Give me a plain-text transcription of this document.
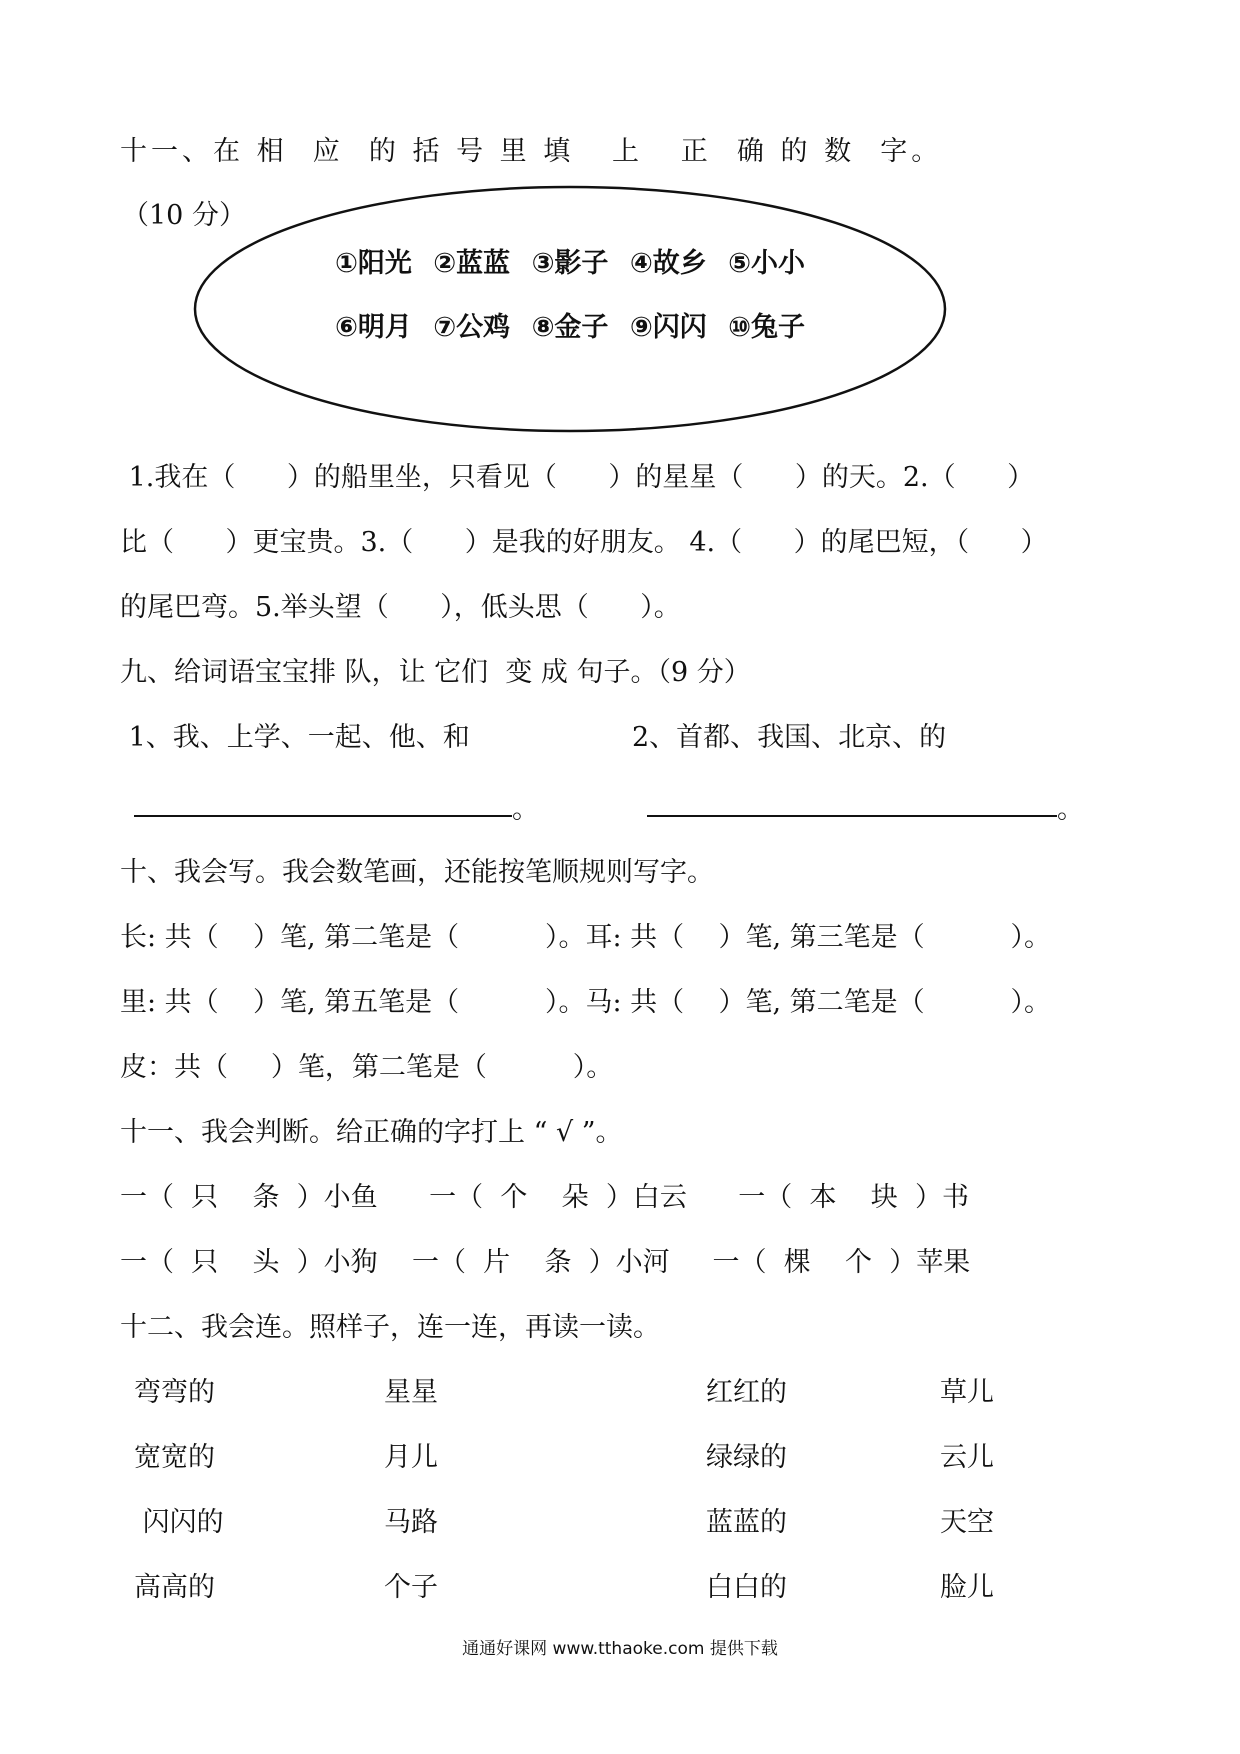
十一、在 相  应  的 括 号 里 填   上   正  确 的 数  字。
（10 分）
①阳光 ②蓝蓝 ③影子 ④故乡 ⑤小小
⑥明月 ⑦公鸡 ⑧金子 ⑨闪闪 ⑩兔子
1.我在（      ）的船里坐，只看见（      ）的星星（      ）的天。2.（      ）
比（      ）更宝贵。3.（      ）是我的好朋友。 4.（      ）的尾巴短，（      ）
的尾巴弯。5.举头望（      ），低头思（      ）。
九、给词语宝宝排 队，让 它们  变 成 句子。（9 分）
1、我、上学、一起、他、和	2、首都、我国、北京、的
。	。
十、我会写。我会数笔画，还能按笔顺规则写字。
长: 共（    ）笔, 第二笔是（          ）。耳: 共（    ）笔, 第三笔是（          ）。
里: 共（    ）笔, 第五笔是（          ）。马: 共（    ）笔, 第二笔是（          ）。
皮：共（     ）笔，第二笔是（          ）。
十一、我会判断。给正确的字打上 “ √ ”。
一（  只    条  ）小鱼      一（  个    朵  ）白云      一（  本    块  ）书
一（  只    头  ）小狗    一（  片    条  ）小河     一（  棵    个  ）苹果
十二、我会连。照样子，连一连，再读一读。
弯弯的
宽宽的
闪闪的
高高的
星星
月儿
马路
个子
红红的
绿绿的
蓝蓝的
白白的
草儿
云儿
天空
脸儿
通通好课网 www.tthaoke.com 提供下载
